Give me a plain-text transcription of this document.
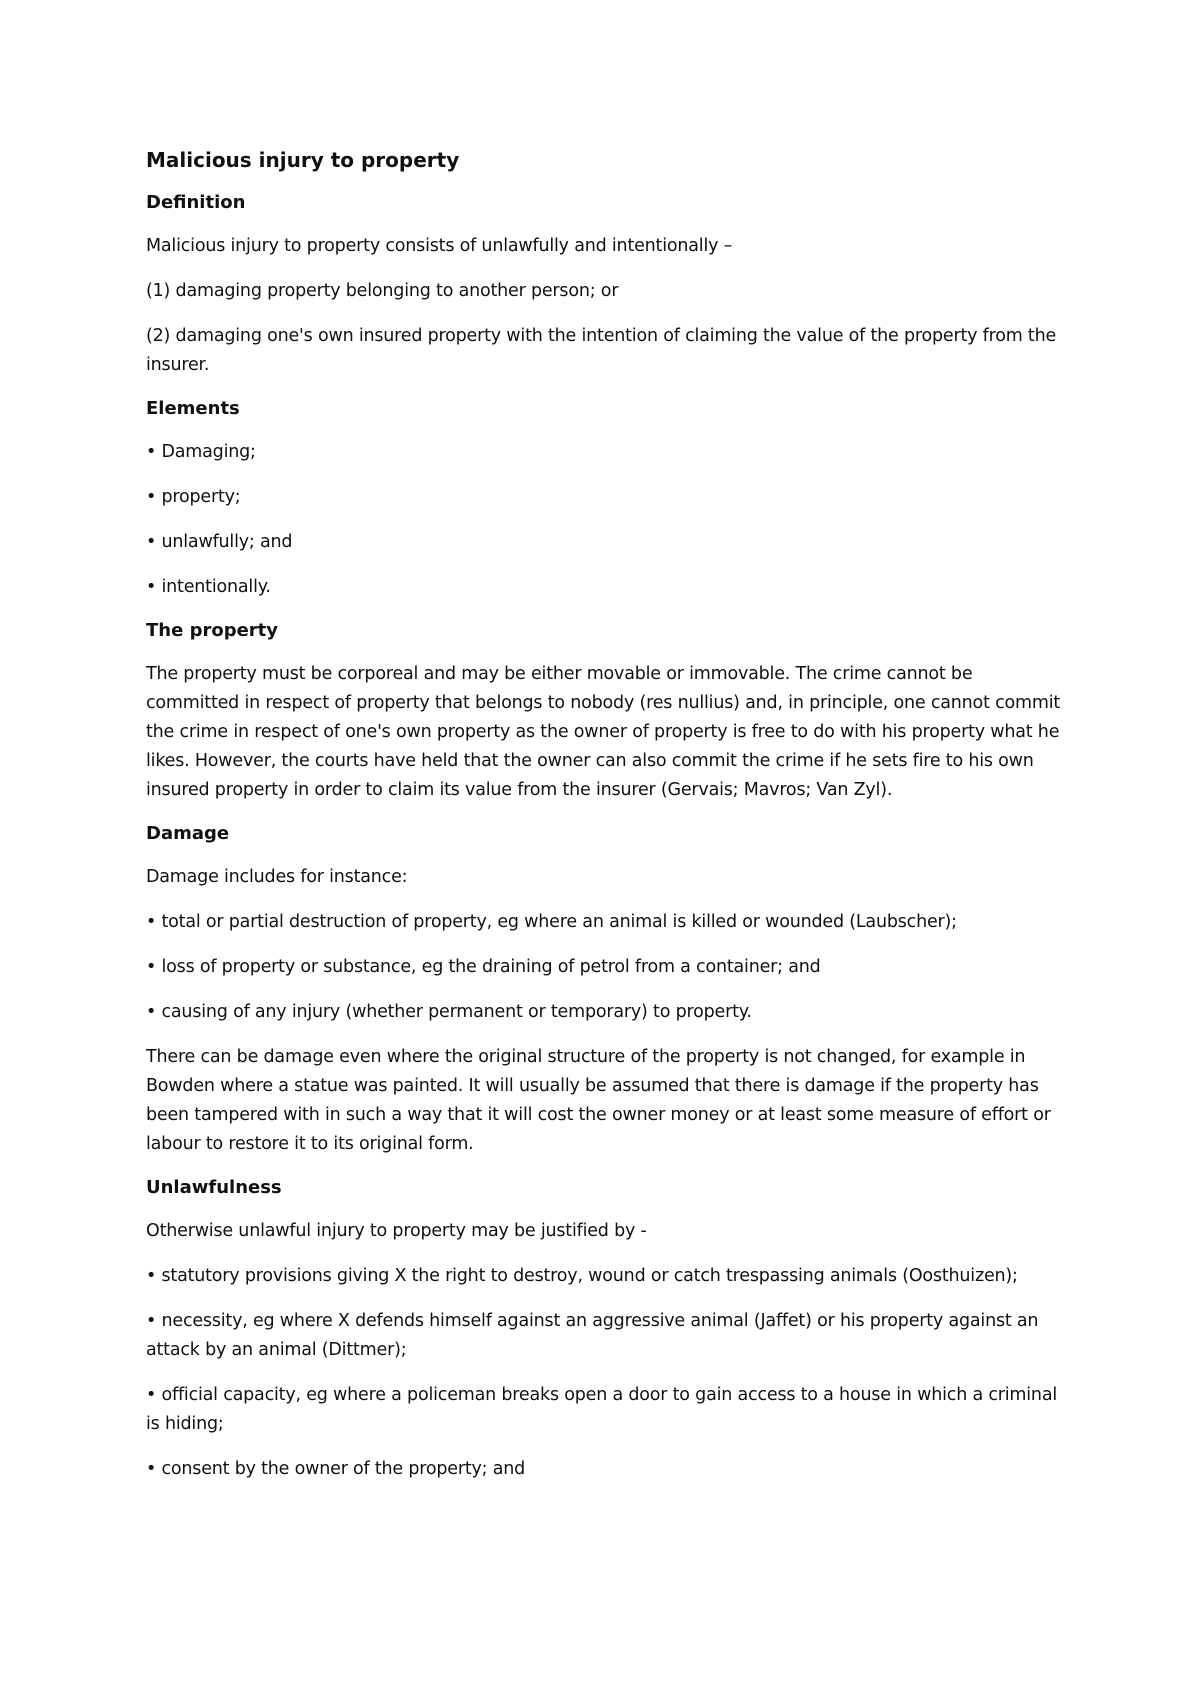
Malicious injury to property
Definition
Malicious injury to property consists of unlawfully and intentionally –
(1) damaging property belonging to another person; or
(2) damaging one's own insured property with the intention of claiming the value of the property from the insurer.
Elements
• Damaging;
• property;
• unlawfully; and
• intentionally.
The property
The property must be corporeal and may be either movable or immovable. The crime cannot be committed in respect of property that belongs to nobody (res nullius) and, in principle, one cannot commit the crime in respect of one's own property as the owner of property is free to do with his property what he likes. However, the courts have held that the owner can also commit the crime if he sets fire to his own insured property in order to claim its value from the insurer (Gervais; Mavros; Van Zyl).
Damage
Damage includes for instance:
• total or partial destruction of property, eg where an animal is killed or wounded (Laubscher);
• loss of property or substance, eg the draining of petrol from a container; and
• causing of any injury (whether permanent or temporary) to property.
There can be damage even where the original structure of the property is not changed, for example in Bowden where a statue was painted. It will usually be assumed that there is damage if the property has been tampered with in such a way that it will cost the owner money or at least some measure of effort or labour to restore it to its original form.
Unlawfulness
Otherwise unlawful injury to property may be justified by -
• statutory provisions giving X the right to destroy, wound or catch trespassing animals (Oosthuizen);
• necessity, eg where X defends himself against an aggressive animal (Jaffet) or his property against an attack by an animal (Dittmer);
• official capacity, eg where a policeman breaks open a door to gain access to a house in which a criminal is hiding;
• consent by the owner of the property; and
